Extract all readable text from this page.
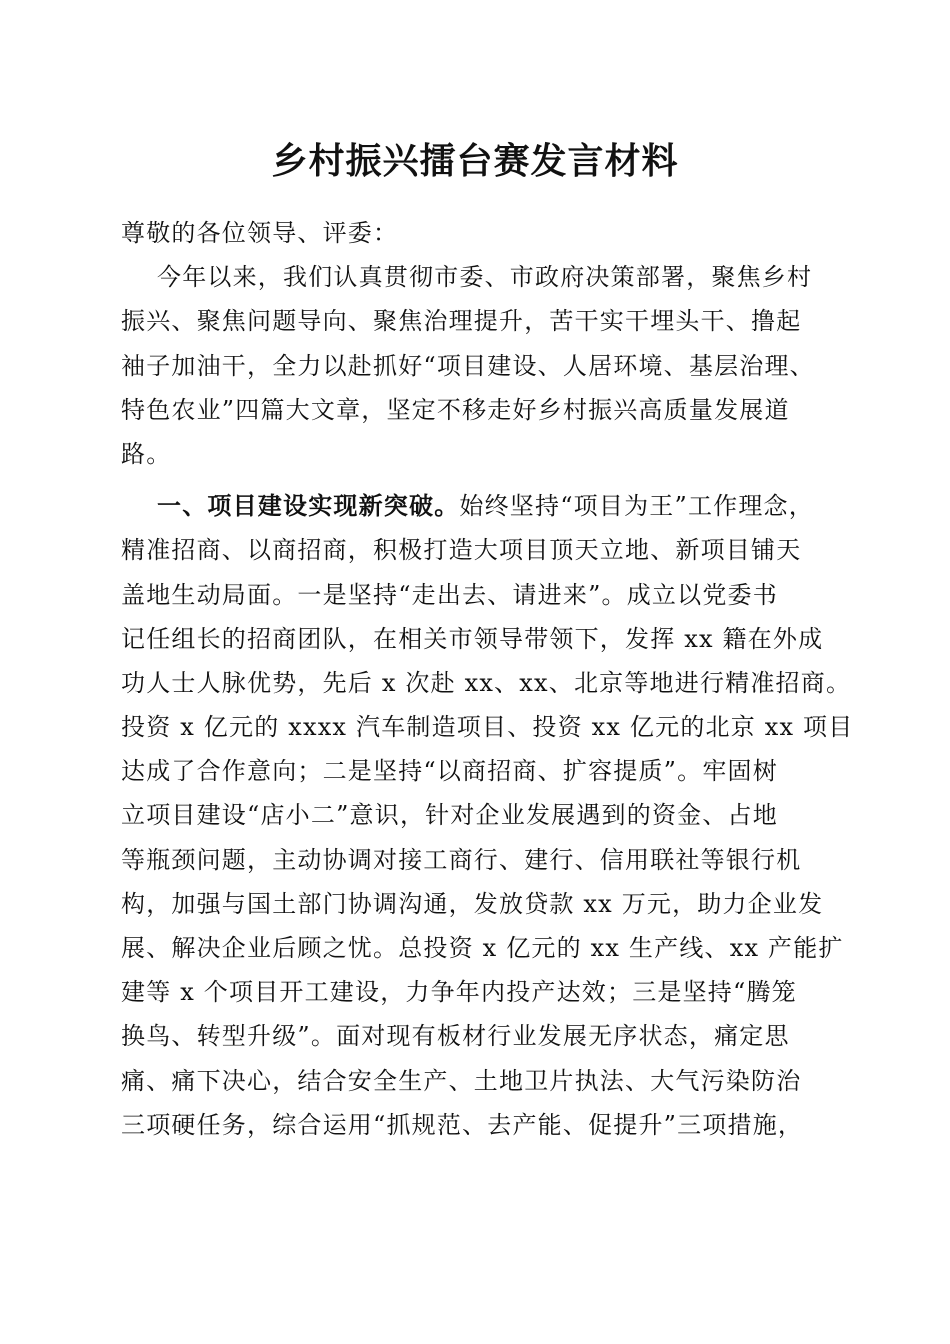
乡村振兴擂台赛发言材料
尊敬的各位领导、评委：
今年以来，我们认真贯彻市委、市政府决策部署，聚焦乡村
振兴、聚焦问题导向、聚焦治理提升，苦干实干埋头干、撸起
袖子加油干，全力以赴抓好“项目建设、人居环境、基层治理、
特色农业”四篇大文章，坚定不移走好乡村振兴高质量发展道
路。
一、项目建设实现新突破。始终坚持“项目为王”工作理念，
精准招商、以商招商，积极打造大项目顶天立地、新项目铺天
盖地生动局面。一是坚持“走出去、请进来”。成立以党委书
记任组长的招商团队，在相关市领导带领下，发挥 xx 籍在外成
功人士人脉优势，先后 x 次赴 xx、xx、北京等地进行精准招商。
投资 x 亿元的 xxxx 汽车制造项目、投资 xx 亿元的北京 xx 项目
达成了合作意向；二是坚持“以商招商、扩容提质”。牢固树
立项目建设“店小二”意识，针对企业发展遇到的资金、占地
等瓶颈问题，主动协调对接工商行、建行、信用联社等银行机
构，加强与国土部门协调沟通，发放贷款 xx 万元，助力企业发
展、解决企业后顾之忧。总投资 x 亿元的 xx 生产线、xx 产能扩
建等 x 个项目开工建设，力争年内投产达效；三是坚持“腾笼
换鸟、转型升级”。面对现有板材行业发展无序状态，痛定思
痛、痛下决心，结合安全生产、土地卫片执法、大气污染防治
三项硬任务，综合运用“抓规范、去产能、促提升”三项措施，
